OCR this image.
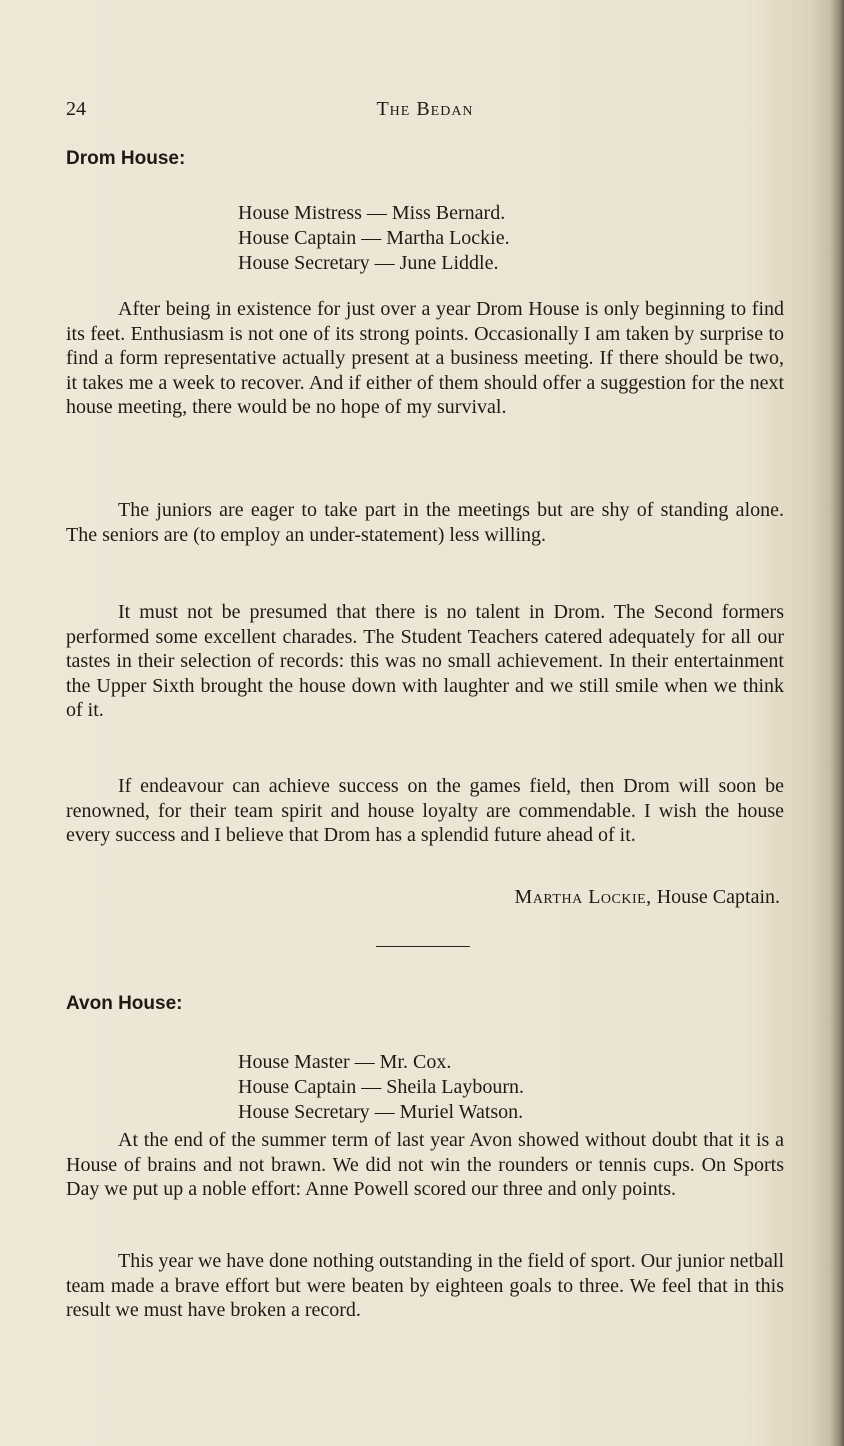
24	The Bedan
Drom House:
House Mistress — Miss Bernard.
House Captain — Martha Lockie.
House Secretary — June Liddle.

After being in existence for just over a year Drom House is only beginning to find its feet. Enthusiasm is not one of its strong points. Occasionally I am taken by surprise to find a form representative actually present at a business meeting. If there should be two, it takes me a week to recover. And if either of them should offer a suggestion for the next house meeting, there would be no hope of my survival.

The juniors are eager to take part in the meetings but are shy of standing alone. The seniors are (to employ an under-statement) less willing.

It must not be presumed that there is no talent in Drom. The Second formers performed some excellent charades. The Student Teachers catered adequately for all our tastes in their selection of records: this was no small achievement. In their entertainment the Upper Sixth brought the house down with laughter and we still smile when we think of it.

If endeavour can achieve success on the games field, then Drom will soon be renowned, for their team spirit and house loyalty are commendable. I wish the house every success and I believe that Drom has a splendid future ahead of it.

Martha Lockie, House Captain.
Avon House:
House Master — Mr. Cox.
House Captain — Sheila Laybourn.
House Secretary — Muriel Watson.

At the end of the summer term of last year Avon showed without doubt that it is a House of brains and not brawn. We did not win the rounders or tennis cups. On Sports Day we put up a noble effort: Anne Powell scored our three and only points.

This year we have done nothing outstanding in the field of sport. Our junior netball team made a brave effort but were beaten by eighteen goals to three. We feel that in this result we must have broken a record.
